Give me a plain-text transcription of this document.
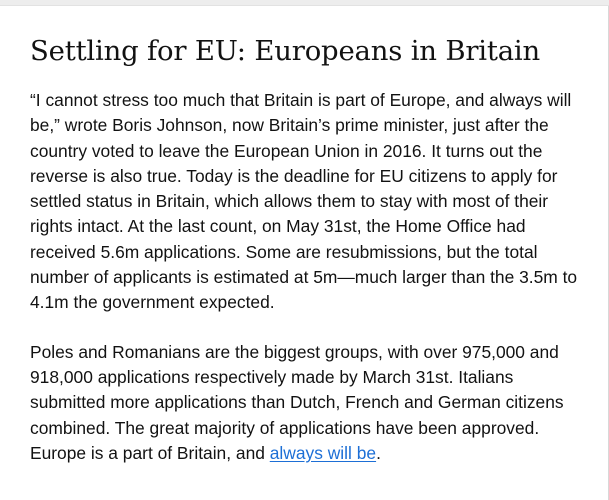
Settling for EU: Europeans in Britain

“I cannot stress too much that Britain is part of Europe, and always will be,” wrote Boris Johnson, now Britain’s prime minister, just after the country voted to leave the European Union in 2016. It turns out the reverse is also true. Today is the deadline for EU citizens to apply for settled status in Britain, which allows them to stay with most of their rights intact. At the last count, on May 31st, the Home Office had received 5.6m applications. Some are resubmissions, but the total number of applicants is estimated at 5m—much larger than the 3.5m to 4.1m the government expected.

Poles and Romanians are the biggest groups, with over 975,000 and 918,000 applications respectively made by March 31st. Italians submitted more applications than Dutch, French and German citizens combined. The great majority of applications have been approved. Europe is a part of Britain, and always will be.
